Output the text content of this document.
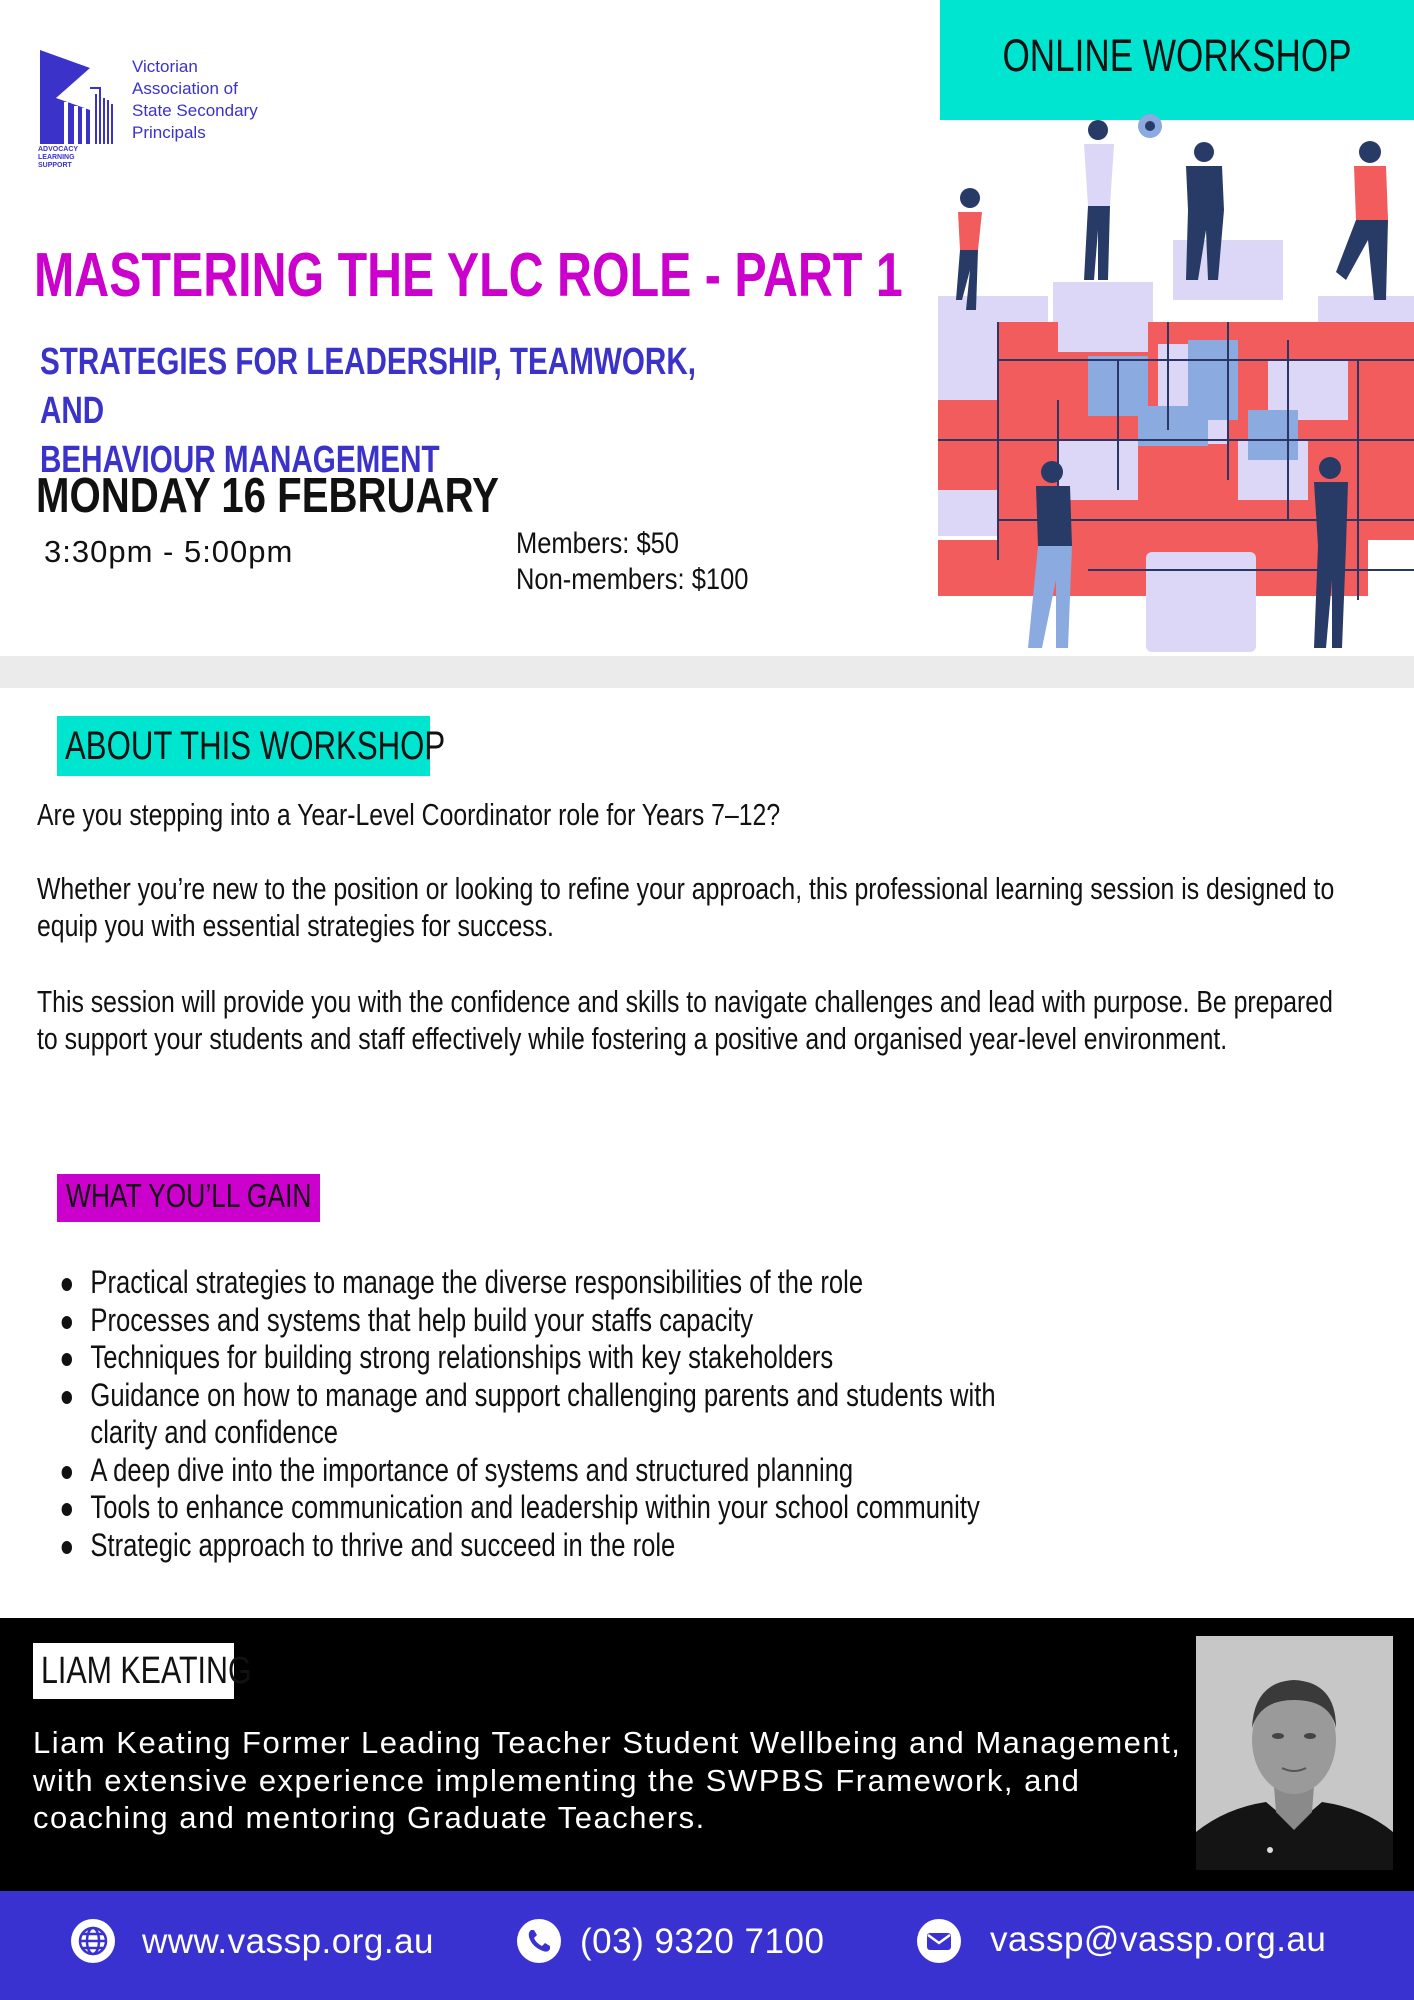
Victorian
Association of
State Secondary
Principals
ADVOCACY
LEARNING
SUPPORT
ONLINE WORKSHOP
MASTERING THE YLC ROLE - PART 1
STRATEGIES FOR LEADERSHIP, TEAMWORK, AND
BEHAVIOUR MANAGEMENT
MONDAY 16 FEBRUARY
3:30pm - 5:00pm	Members: $50
Non-members: $100
ABOUT THIS WORKSHOP
Are you stepping into a Year-Level Coordinator role for Years 7–12?
Whether you’re new to the position or looking to refine your approach, this professional learning session is designed to equip you with essential strategies for success.
This session will provide you with the confidence and skills to navigate challenges and lead with purpose. Be prepared to support your students and staff effectively while fostering a positive and organised year-level environment.
WHAT YOU’LL GAIN
Practical strategies to manage the diverse responsibilities of the role
Processes and systems that help build your staffs capacity
Techniques for building strong relationships with key stakeholders
Guidance on how to manage and support challenging parents and students with clarity and confidence
A deep dive into the importance of systems and structured planning
Tools to enhance communication and leadership within your school community
Strategic approach to thrive and succeed in the role
LIAM KEATING
Liam Keating Former Leading Teacher Student Wellbeing and Management, with extensive experience implementing the SWPBS Framework, and coaching and mentoring Graduate Teachers.
www.vassp.org.au	(03) 9320 7100	vassp@vassp.org.au
